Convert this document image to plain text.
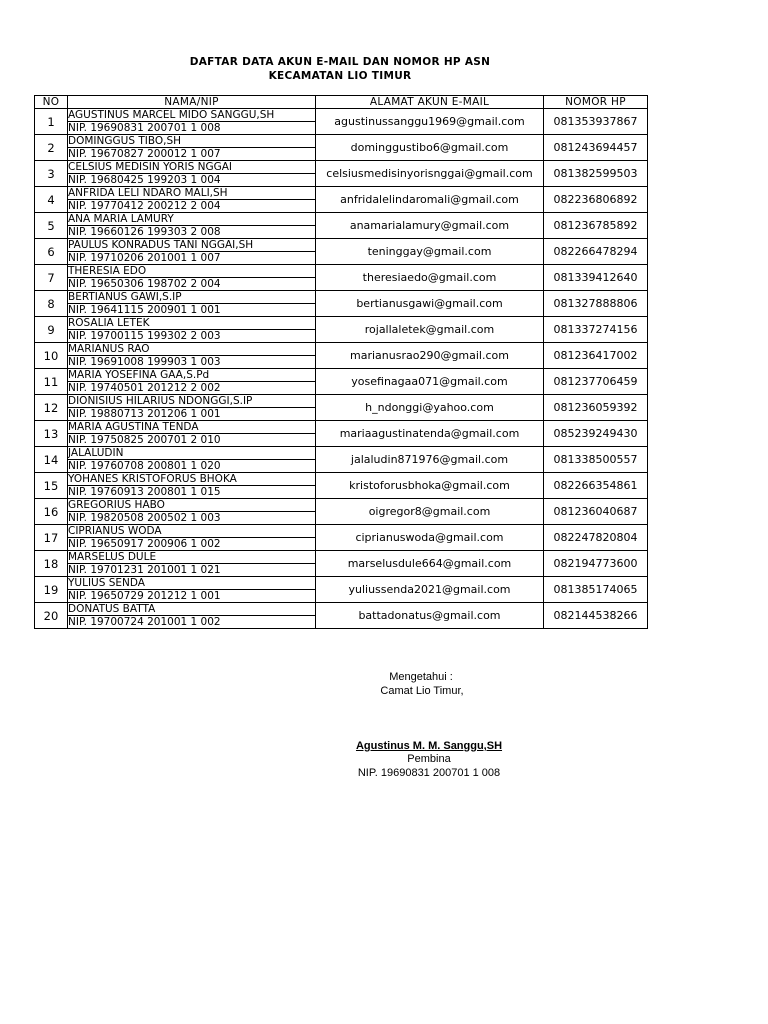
DAFTAR DATA AKUN E-MAIL DAN NOMOR HP ASN
KECAMATAN LIO TIMUR
NO	NAMA/NIP	ALAMAT AKUN E-MAIL	NOMOR HP
1	AGUSTINUS MARCEL MIDO SANGGU,SH	agustinussanggu1969@gmail.com	081353937867
	NIP. 19690831 200701 1 008		
2	DOMINGGUS TIBO,SH	dominggustibo6@gmail.com	081243694457
	NIP. 19670827 200012 1 007		
3	CELSIUS MEDISIN YORIS NGGAI	celsiusmedisinyorisnggai@gmail.com	081382599503
	NIP. 19680425 199203 1 004		
4	ANFRIDA LELI NDARO MALI,SH	anfridalelindaromali@gmail.com	082236806892
	NIP. 19770412 200212 2 004		
5	ANA MARIA LAMURY	anamarialamury@gmail.com	081236785892
	NIP. 19660126 199303 2 008		
6	PAULUS KONRADUS TANI NGGAI,SH	teninggay@gmail.com	082266478294
	NIP. 19710206 201001 1 007		
7	THERESIA EDO	theresiaedo@gmail.com	081339412640
	NIP. 19650306 198702 2 004		
8	BERTIANUS GAWI,S.IP	bertianusgawi@gmail.com	081327888806
	NIP. 19641115 200901 1 001		
9	ROSALIA LETEK	rojallaletek@gmail.com	081337274156
	NIP. 19700115 199302 2 003		
10	MARIANUS RAO	marianusrao290@gmail.com	081236417002
	NIP. 19691008 199903 1 003		
11	MARIA YOSEFINA GAA,S.Pd	yosefinagaa071@gmail.com	081237706459
	NIP. 19740501 201212 2 002		
12	DIONISIUS HILARIUS NDONGGI,S.IP	h_ndonggi@yahoo.com	081236059392
	NIP. 19880713 201206 1 001		
13	MARIA AGUSTINA TENDA	mariaagustinatenda@gmail.com	085239249430
	NIP. 19750825 200701 2 010		
14	JALALUDIN	jalaludin871976@gmail.com	081338500557
	NIP. 19760708 200801 1 020		
15	YOHANES KRISTOFORUS BHOKA	kristoforusbhoka@gmail.com	082266354861
	NIP. 19760913 200801 1 015		
16	GREGORIUS HABO	oigregor8@gmail.com	081236040687
	NIP. 19820508 200502 1 003		
17	CIPRIANUS WODA	ciprianuswoda@gmail.com	082247820804
	NIP. 19650917 200906 1 002		
18	MARSELUS DULE	marselusdule664@gmail.com	082194773600
	NIP. 19701231 201001 1 021		
19	YULIUS SENDA	yuliussenda2021@gmail.com	081385174065
	NIP. 19650729 201212 1 001		
20	DONATUS BATTA	battadonatus@gmail.com	082144538266
	NIP. 19700724 201001 1 002		
Mengetahui :
Camat Lio Timur,
Agustinus M. M. Sanggu,SH
Pembina
NIP. 19690831 200701 1 008
